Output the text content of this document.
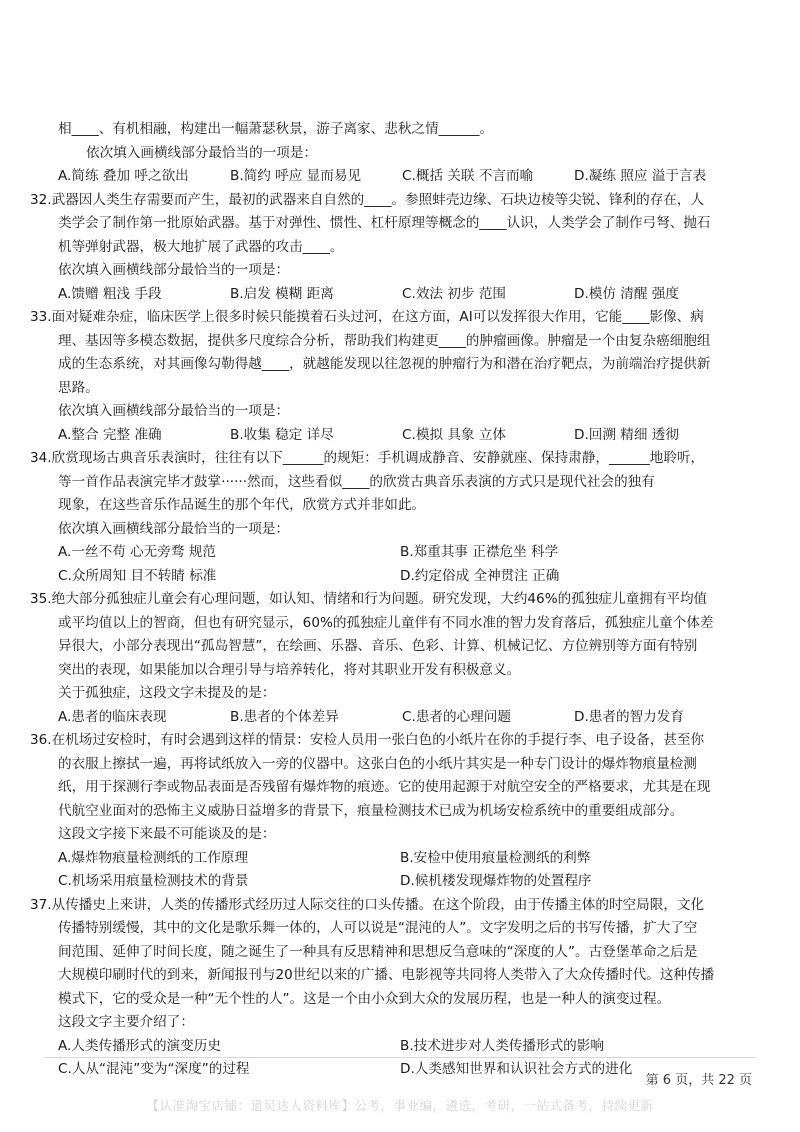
相____、有机相融，构建出一幅萧瑟秋景，游子离家、悲秋之情______。
依次填入画横线部分最恰当的一项是：
A.简练 叠加 呼之欲出	B.简约 呼应 显而易见	C.概括 关联 不言而喻	D.凝练 照应 溢于言表
32.武器因人类生存需要而产生，最初的武器来自自然的____。参照蚌壳边缘、石块边棱等尖锐、锋利的存在，人
类学会了制作第一批原始武器。基于对弹性、惯性、杠杆原理等概念的____认识，人类学会了制作弓弩、抛石
机等弹射武器，极大地扩展了武器的攻击____。
依次填入画横线部分最恰当的一项是：
A.馈赠 粗浅 手段	B.启发 模糊 距离	C.效法 初步 范围	D.模仿 清醒 强度
33.面对疑难杂症，临床医学上很多时候只能摸着石头过河，在这方面，AI可以发挥很大作用，它能____影像、病
理、基因等多模态数据，提供多尺度综合分析，帮助我们构建更____的肿瘤画像。肿瘤是一个由复杂癌细胞组
成的生态系统，对其画像勾勒得越____，就越能发现以往忽视的肿瘤行为和潜在治疗靶点，为前端治疗提供新
思路。
依次填入画横线部分最恰当的一项是：
A.整合 完整 准确	B.收集 稳定 详尽	C.模拟 具象 立体	D.回溯 精细 透彻
34.欣赏现场古典音乐表演时，往往有以下______的规矩：手机调成静音、安静就座、保持肃静，______地聆听，
等一首作品表演完毕才鼓掌······然而，这些看似____的欣赏古典音乐表演的方式只是现代社会的独有
现象，在这些音乐作品诞生的那个年代，欣赏方式并非如此。
依次填入画横线部分最恰当的一项是：
A.一丝不苟 心无旁骛 规范	B.郑重其事 正襟危坐 科学
C.众所周知 目不转睛 标准	D.约定俗成 全神贯注 正确
35.绝大部分孤独症儿童会有心理问题，如认知、情绪和行为问题。研究发现，大约46%的孤独症儿童拥有平均值
或平均值以上的智商，但也有研究显示，60%的孤独症儿童伴有不同水准的智力发育落后，孤独症儿童个体差
异很大，小部分表现出“孤岛智慧”，在绘画、乐器、音乐、色彩、计算、机械记忆、方位辨别等方面有特别
突出的表现，如果能加以合理引导与培养转化，将对其职业开发有积极意义。
关于孤独症，这段文字未提及的是：
A.患者的临床表现	B.患者的个体差异	C.患者的心理问题	D.患者的智力发育
36.在机场过安检时，有时会遇到这样的情景：安检人员用一张白色的小纸片在你的手提行李、电子设备，甚至你
的衣服上擦拭一遍，再将试纸放入一旁的仪器中。这张白色的小纸片其实是一种专门设计的爆炸物痕量检测
纸，用于探测行李或物品表面是否残留有爆炸物的痕迹。它的使用起源于对航空安全的严格要求，尤其是在现
代航空业面对的恐怖主义威胁日益增多的背景下，痕量检测技术已成为机场安检系统中的重要组成部分。
这段文字接下来最不可能谈及的是：
A.爆炸物痕量检测纸的工作原理	B.安检中使用痕量检测纸的利弊
C.机场采用痕量检测技术的背景	D.候机楼发现爆炸物的处置程序
37.从传播史上来讲，人类的传播形式经历过人际交往的口头传播。在这个阶段，由于传播主体的时空局限，文化
传播特别缓慢，其中的文化是歌乐舞一体的，人可以说是“混沌的人”。文字发明之后的书写传播，扩大了空
间范围、延伸了时间长度，随之诞生了一种具有反思精神和思想反刍意味的“深度的人”。古登堡革命之后是
大规模印刷时代的到来，新闻报刊与20世纪以来的广播、电影视等共同将人类带入了大众传播时代。这种传播
模式下，它的受众是一种“无个性的人”。这是一个由小众到大众的发展历程，也是一种人的演变过程。
这段文字主要介绍了：
A.人类传播形式的演变历史	B.技术进步对人类传播形式的影响
C.人从“混沌”变为“深度”的过程	D.人类感知世界和认识社会方式的进化
第 6 页，共 22 页
【认准淘宝店铺：道吴达人资料库】公考，事业编，遴选，考研，一站式备考，持续更新
